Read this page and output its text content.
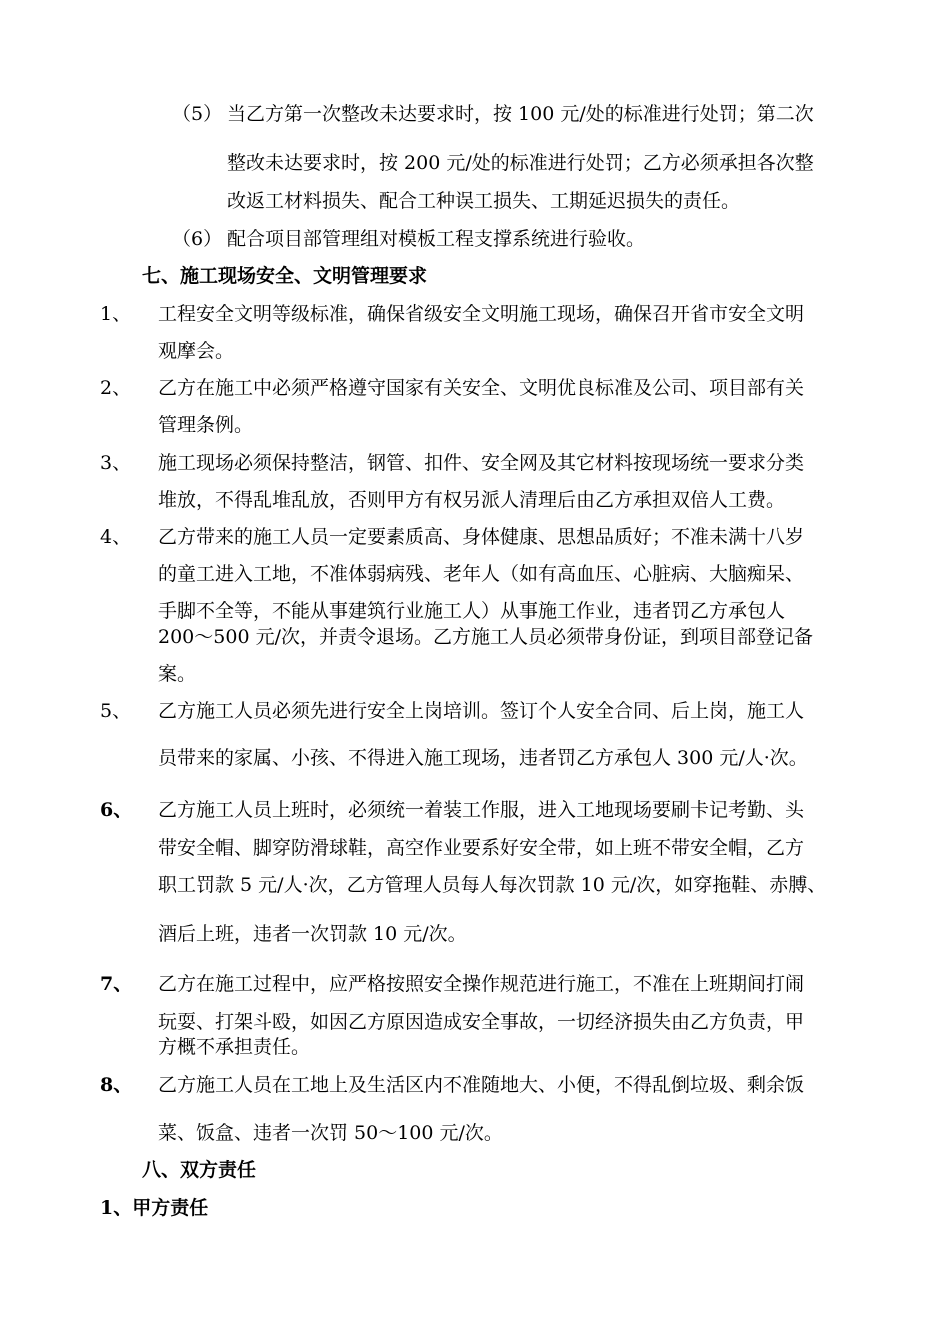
（5） 当乙方第一次整改未达要求时，按 100 元/处的标准进行处罚；第二次

整改未达要求时，按 200 元/处的标准进行处罚；乙方必须承担各次整

改返工材料损失、配合工种误工损失、工期延迟损失的责任。

（6） 配合项目部管理组对模板工程支撑系统进行验收。

七、施工现场安全、文明管理要求
1、 工程安全文明等级标准，确保省级安全文明施工现场，确保召开省市安全文明

观摩会。

2、 乙方在施工中必须严格遵守国家有关安全、文明优良标准及公司、项目部有关

管理条例。

3、 施工现场必须保持整洁，钢管、扣件、安全网及其它材料按现场统一要求分类

堆放，不得乱堆乱放，否则甲方有权另派人清理后由乙方承担双倍人工费。

4、 乙方带来的施工人员一定要素质高、身体健康、思想品质好；不准未满十八岁

的童工进入工地，不准体弱病残、老年人（如有高血压、心脏病、大脑痴呆、

手脚不全等，不能从事建筑行业施工人）从事施工作业，违者罚乙方承包人

200～500 元/次，并责令退场。乙方施工人员必须带身份证，到项目部登记备

案。

5、 乙方施工人员必须先进行安全上岗培训。签订个人安全合同、后上岗，施工人

员带来的家属、小孩、不得进入施工现场，违者罚乙方承包人 300 元/人·次。

6、 乙方施工人员上班时，必须统一着装工作服，进入工地现场要刷卡记考勤、头

带安全帽、脚穿防滑球鞋，高空作业要系好安全带，如上班不带安全帽，乙方

职工罚款 5 元/人·次，乙方管理人员每人每次罚款 10 元/次，如穿拖鞋、赤膊、

酒后上班，违者一次罚款 10 元/次。

7、 乙方在施工过程中，应严格按照安全操作规范进行施工，不准在上班期间打闹

玩耍、打架斗殴，如因乙方原因造成安全事故，一切经济损失由乙方负责，甲

方概不承担责任。

8、 乙方施工人员在工地上及生活区内不准随地大、小便，不得乱倒垃圾、剩余饭

菜、饭盒、违者一次罚 50～100 元/次。

八、双方责任
1、甲方责任
